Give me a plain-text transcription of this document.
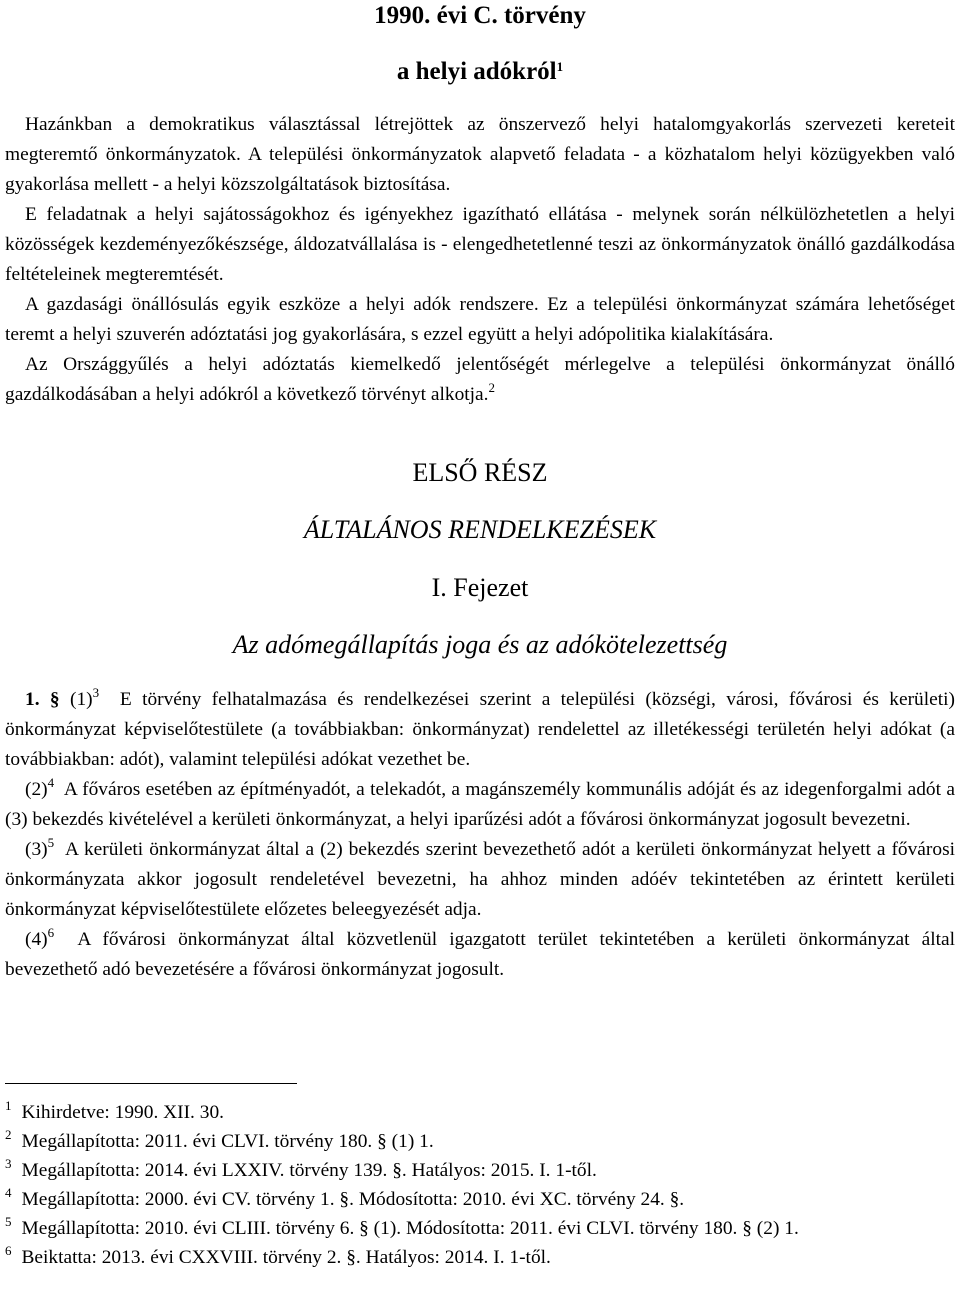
1990. évi C. törvény
a helyi adókról$^1$

Hazánkban a demokratikus választással létrejöttek az önszervező helyi hatalomgyakorlás szervezeti kereteit megteremtő önkormányzatok. A települési önkormányzatok alapvető feladata - a közhatalom helyi közügyekben való gyakorlása mellett - a helyi közszolgáltatások biztosítása.

E feladatnak a helyi sajátosságokhoz és igényekhez igazítható ellátása - melynek során nélkülözhetetlen a helyi közösségek kezdeményezőkészsége, áldozatvállalása is - elengedhetetlenné teszi az önkormányzatok önálló gazdálkodása feltételeinek megteremtését.

A gazdasági önállósulás egyik eszköze a helyi adók rendszere. Ez a települési önkormányzat számára lehetőséget teremt a helyi szuverén adóztatási jog gyakorlására, s ezzel együtt a helyi adópolitika kialakítására.

Az Országgyűlés a helyi adóztatás kiemelkedő jelentőségét mérlegelve a települési önkormányzat önálló gazdálkodásában a helyi adókról a következő törvényt alkotja.$^2$

ELSŐ RÉSZ
ÁLTALÁNOS RENDELKEZÉSEK
I. Fejezet
Az adómegállapítás joga és az adókötelezettség

1. § $(1)^3$ E törvény felhatalmazása és rendelkezései szerint a települési (községi, városi, fővárosi és kerületi) önkormányzat képviselőtestülete (a továbbiakban: önkormányzat) rendelettel az illetékességi területén helyi adókat (a továbbiakban: adót), valamint települési adókat vezethet be.

$(2)^4$ A főváros esetében az építményadót, a telekadót, a magánszemély kommunális adóját és az idegenforgalmi adót a (3) bekezdés kivételével a kerületi önkormányzat, a helyi iparűzési adót a fővárosi önkormányzat jogosult bevezetni.

$(3)^5$ A kerületi önkormányzat által a (2) bekezdés szerint bevezethető adót a kerületi önkormányzat helyett a fővárosi önkormányzata akkor jogosult rendeletével bevezetni, ha ahhoz minden adóév tekintetében az érintett kerületi önkormányzat képviselőtestülete előzetes beleegyezését adja.

$(4)^6$ A fővárosi önkormányzat által közvetlenül igazgatott terület tekintetében a kerületi önkormányzat által bevezethető adó bevezetésére a fővárosi önkormányzat jogosult.

$^1$ Kihirdetve: 1990. XII. 30.

$^2$ Megállapította: 2011. évi CLVI. törvény 180. § (1) 1.

$^3$ Megállapította: 2014. évi LXXIV. törvény 139. §. Hatályos: 2015. I. 1-től.

$^4$ Megállapította: 2000. évi CV. törvény 1. §. Módosította: 2010. évi XC. törvény 24. §.

$^5$ Megállapította: 2010. évi CLIII. törvény 6. § (1). Módosította: 2011. évi CLVI. törvény 180. § (2) 1.

$^6$ Beiktatta: 2013. évi CXXVIII. törvény 2. §. Hatályos: 2014. I. 1-től.
